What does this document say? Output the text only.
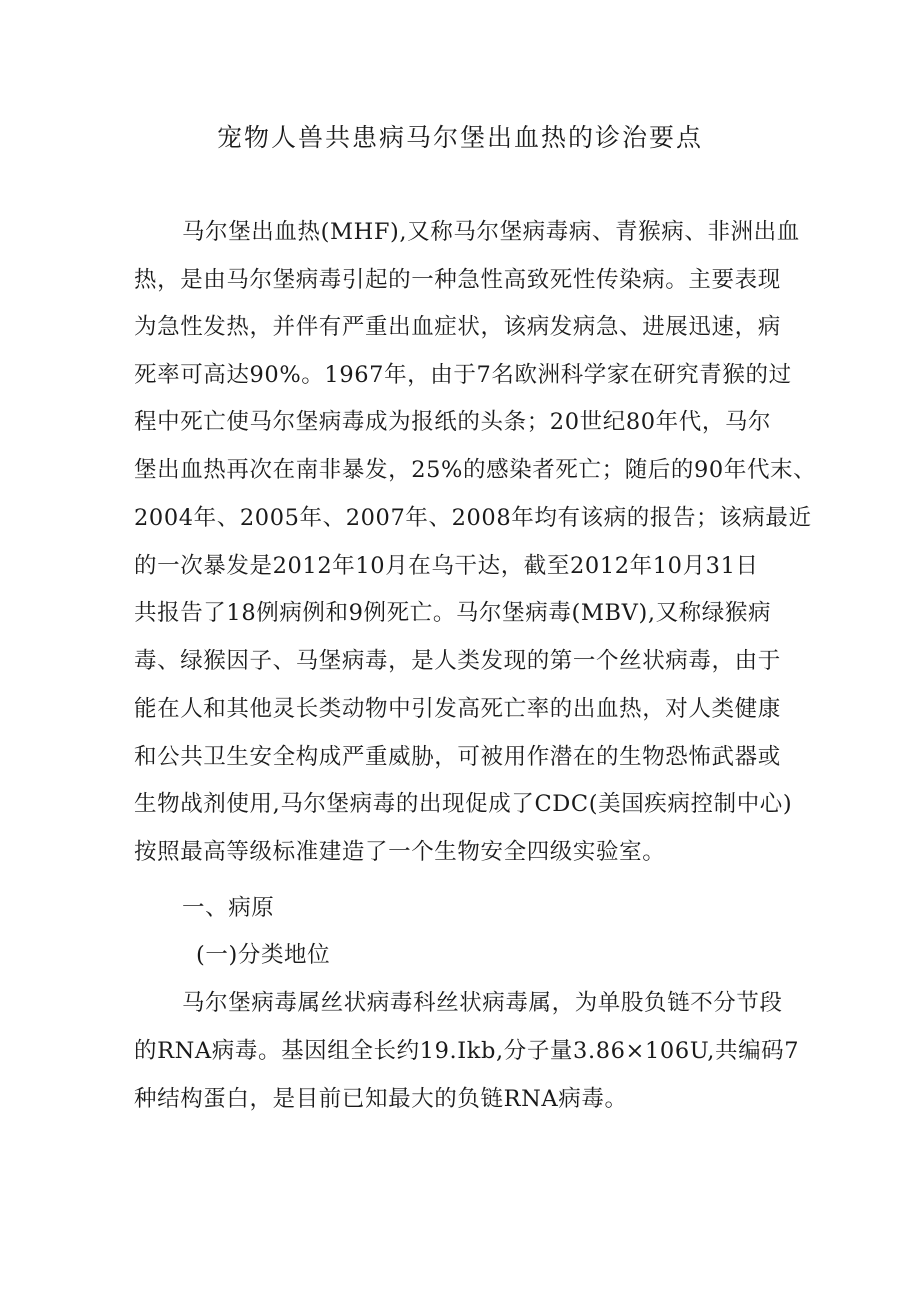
宠物人兽共患病马尔堡出血热的诊治要点
马尔堡出血热(MHF),又称马尔堡病毒病、青猴病、非洲出血
热，是由马尔堡病毒引起的一种急性高致死性传染病。主要表现
为急性发热，并伴有严重出血症状，该病发病急、进展迅速，病
死率可高达90%。1967年，由于7名欧洲科学家在研究青猴的过
程中死亡使马尔堡病毒成为报纸的头条；20世纪80年代，马尔
堡出血热再次在南非暴发，25%的感染者死亡；随后的90年代末、
2004年、2005年、2007年、2008年均有该病的报告；该病最近
的一次暴发是2012年10月在乌干达，截至2012年10月31日
共报告了18例病例和9例死亡。马尔堡病毒(MBV),又称绿猴病
毒、绿猴因子、马堡病毒，是人类发现的第一个丝状病毒，由于
能在人和其他灵长类动物中引发高死亡率的出血热，对人类健康
和公共卫生安全构成严重威胁，可被用作潜在的生物恐怖武器或
生物战剂使用,马尔堡病毒的出现促成了CDC(美国疾病控制中心)
按照最高等级标准建造了一个生物安全四级实验室。
一、病原
(一)分类地位
马尔堡病毒属丝状病毒科丝状病毒属，为单股负链不分节段
的RNA病毒。基因组全长约19.Ikb,分子量3.86×106U,共编码7
种结构蛋白，是目前已知最大的负链RNA病毒。
